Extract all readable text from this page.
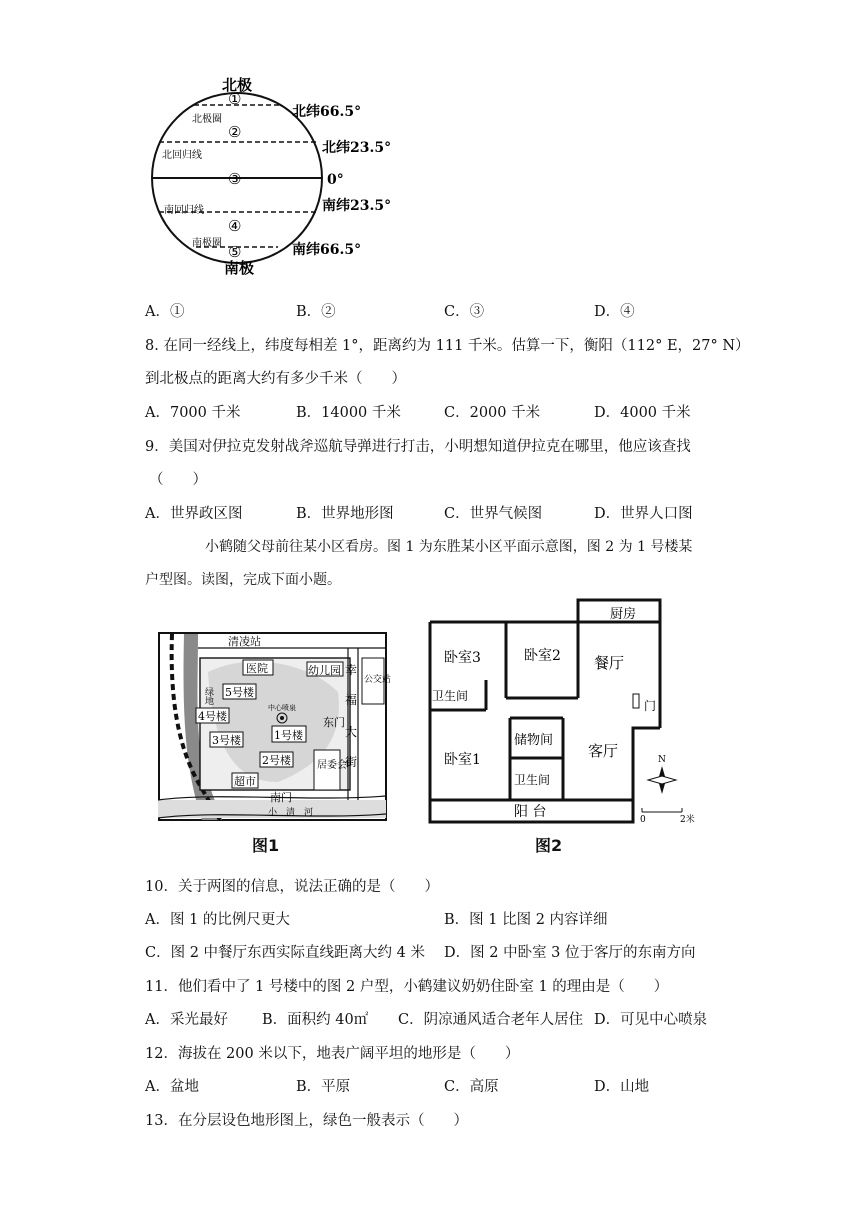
北极
①
北极圈
②
北回归线
③
南回归线
④
南极圈 ⑤
南极
北纬66.5°
北纬23.5°
0°
南纬23.5°
南纬66.5°
A．①	B．②	C．③	D．④
8. 在同一经线上，纬度每相差 1°，距离约为 111 千米。估算一下，衡阳（112° E，27° N）
到北极点的距离大约有多少千米（　　）
A．7000 千米	B．14000 千米	C．2000 千米	D．4000 千米
9．美国对伊拉克发射战斧巡航导弹进行打击，小明想知道伊拉克在哪里，他应该查找
（　　）
A．世界政区图	B．世界地形图	C．世界气候图	D．世界人口图
小鹤随父母前往某小区看房。图 1 为东胜某小区平面示意图，图 2 为 1 号楼某
户型图。读图，完成下面小题。
清凌站
医院	幼儿园 幸
福
大
街
公交站
绿地 5号楼
4号楼
3号楼
2号楼
1号楼
中心喷泉
东门
居委会
超市
南门
小　清　河
图1
厨房
卧室3	卧室2 餐厅
卫生间
储物间
客厅
卧室1
卫生间
阳 台
门
N
0	2米
图2
10．关于两图的信息，说法正确的是（　　）
A．图 1 的比例尺更大	B．图 1 比图 2 内容详细
C．图 2 中餐厅东西实际直线距离大约 4 米 D．图 2 中卧室 3 位于客厅的东南方向
11．他们看中了 1 号楼中的图 2 户型，小鹤建议奶奶住卧室 1 的理由是（　　）
A．采光最好 B．面积约 40㎡ C．阴凉通风适合老年人居住 D．可见中心喷泉
12．海拔在 200 米以下，地表广阔平坦的地形是（　　）
A．盆地	B．平原	C．高原	D．山地
13．在分层设色地形图上，绿色一般表示（　　）
